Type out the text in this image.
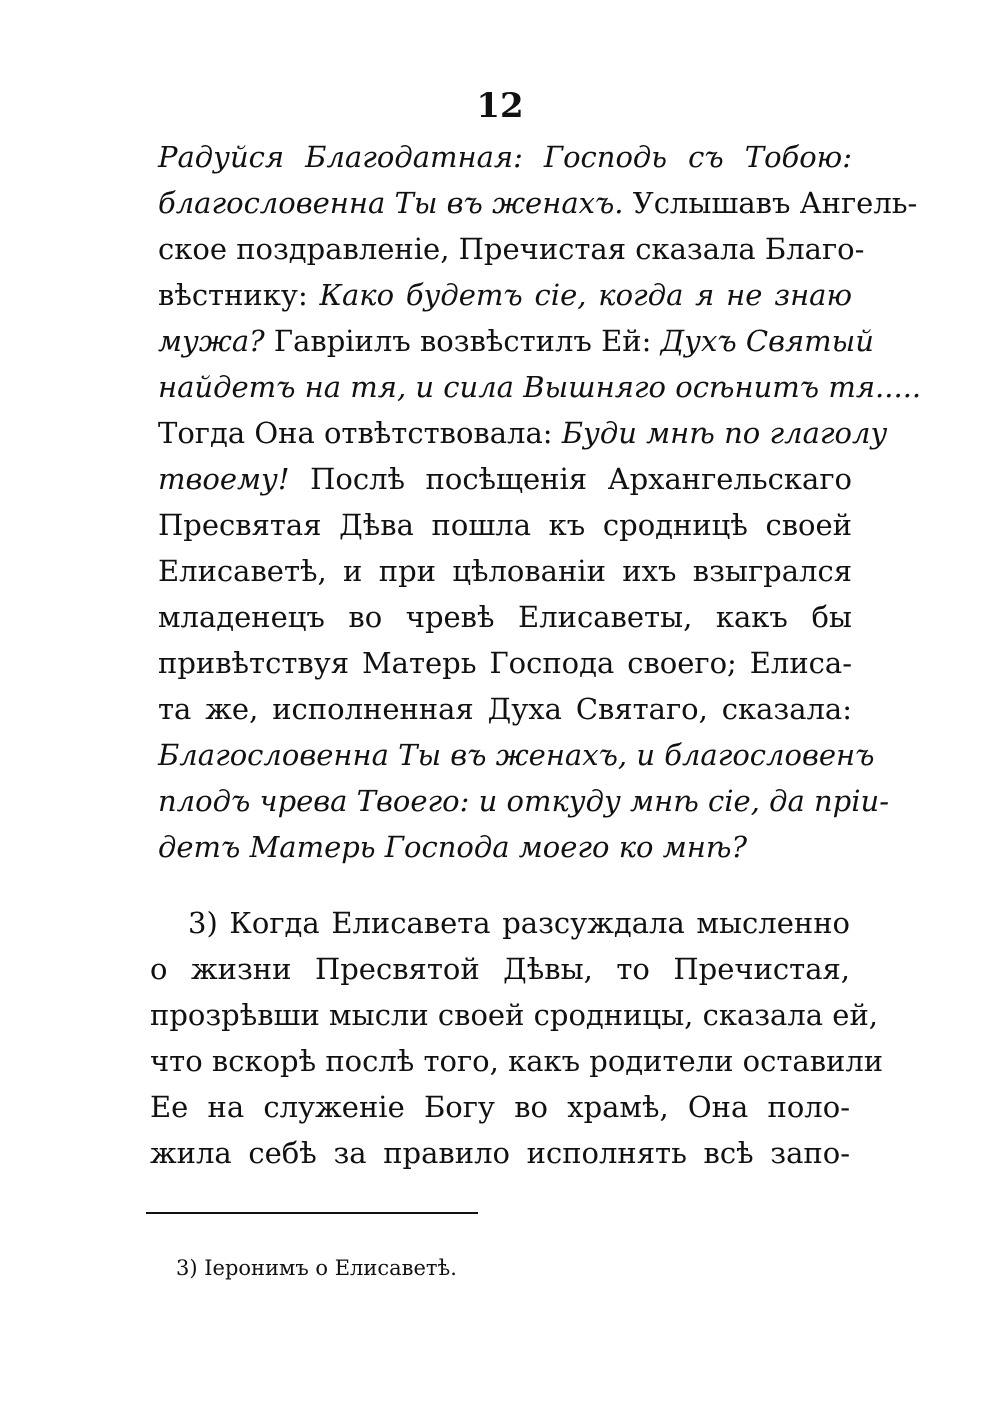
12
Радуйся Благодатная: Господь съ Тобою:
благословенна Ты въ женахъ. Услышавъ Ангель-
ское поздравленіе, Пречистая сказала Благо-
вѣстнику: Како будетъ сіе, когда я не знаю
мужа? Гавріилъ возвѣстилъ Ей: Духъ Святый
найдетъ на тя, и сила Вышняго осѣнитъ тя.....
Тогда Она отвѣтствовала: Буди мнѣ по глаголу
твоему! Послѣ посѣщенія Архангельскаго
Пресвятая Дѣва пошла къ сродницѣ своей
Елисаветѣ, и при цѣлованіи ихъ взыгрался
младенецъ во чревѣ Елисаветы, какъ бы
привѣтствуя Матерь Господа своего; Елиса-
та же, исполненная Духа Святаго, сказала:
Благословенна Ты въ женахъ, и благословенъ
плодъ чрева Твоего: и откуду мнѣ сіе, да пріи-
детъ Матерь Господа моего ко мнѣ?
3) Когда Елисавета разсуждала мысленно
о жизни Пресвятой Дѣвы, то Пречистая,
прозрѣвши мысли своей сродницы, сказала ей,
что вскорѣ послѣ того, какъ родители оставили
Ее на служеніе Богу во храмѣ, Она поло-
жила себѣ за правило исполнять всѣ запо-
3) Іеронимъ о Елисаветѣ.
